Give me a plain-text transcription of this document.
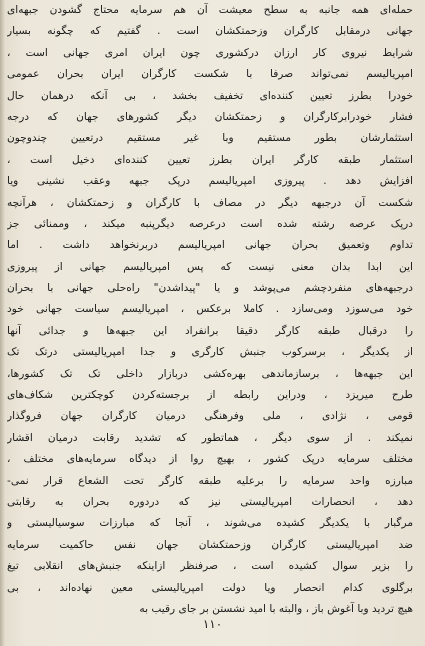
حمله‌ای همه جانبه به سطح معیشت آن هم سرمایه محتاج گشودن جبهه‌ای
جهانی درمقابل کارگران وزحمتکشان است . گفتیم که چگونه بسیار
شرایط نیروی کار ارزان درکشوری چون ایران امری جهانی است ،
امپریالیسم نمی‌تواند صرفا با شکست کارگران ایران بحران عمومی
خودرا بطرز تعیین کننده‌ای تخفیف بخشد ، بی آنکه درهمان حال
فشار خودرابرکارگران و زحمتکشان دیگر کشورهای جهان که درجه
استثمارشان بطور مستقیم وبا غیر مستقیم درتعیین چندوچون
استثمار طبقه کارگر ایران بطرز تعیین کننده‌ای دخیل است ،
افزایش دهد . پیروزی امپریالیسم درپک جبهه وعقب نشینی ویا
شکست آن درجبهه دیگر در مصاف با کارگران و زحمتکشان ، هرآنچه
درپک عرصه رشته شده است درعرصه دیگرپنبه میکند ، وممنائی جز
تداوم وتعمیق بحران جهانی امپریالیسم دربرنخواهد داشت . اما
این ابدا بدان معنی نیست که پس امپریالیسم جهانی از پیروزی
درجبهه‌های منفردچشم می‌پوشد و یا "پیداشدن" راه‌حلی جهانی با بحران
خود می‌سوزد ومی‌سازد . کاملا برعکس ، امپریالیسم سیاست جهانی خود
را درقبال طبقه کارگر دقیقا برانفراد این جبهه‌ها و جدائی آنها
از یکدیگر ، برسرکوب جنبش کارگری و جدا امپریالیستی درتک تک
این جبهه‌ها ، برسازماندهی بهره‌کشی دربازار داخلی تک تک کشورها،
طرح میریزد ، ودراین رابطه از برجسته‌کردن کوچکترین شکاف‌های
قومی ، نژادی ، ملی وفرهنگی درمیان کارگران جهان فروگذار
نمیکند . از سوی دیگر ، هماتطور که تشدید رقابت درمیان اقشار
مختلف سرمایه درپک کشور ، بهیچ روا از دیدگاه سرمایه‌های مختلف ،
مبارزه واحد سرمایه را برعلیه طبقه کارگر تحت الشعاع قرار نمی‌-
دهد ، انحصارات امپریالیستی نیز که دردوره بحران به رقابتی
مرگبار با یکدیگر کشیده می‌شوند ، آنجا که مبارزات سوسیالیستی و
ضد امپریالیستی کارگران وزحمتکشان جهان نفس حاکمیت سرمایه
را بزیر سوال کشیده است ، صرفنظر ازاینکه جنبش‌های انقلابی تیغ
برگلوی کدام انحصار ویا دولت امپریالیستی معین نهاده‌اند ، بی
هیچ تردید وبا آغوش باز ، والبته با امید نشستن بر جای رقیب به
۱۱۰
